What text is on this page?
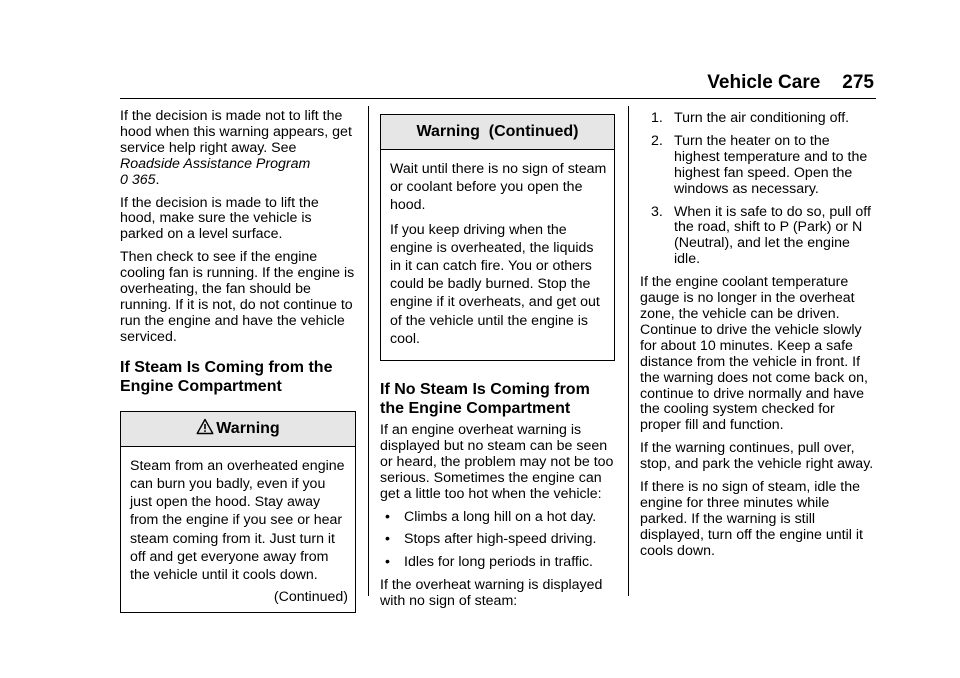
Vehicle Care 275

If the decision is made not to lift the hood when this warning appears, get service help right away. See Roadside Assistance Program
0 365.

If the decision is made to lift the hood, make sure the vehicle is parked on a level surface.

Then check to see if the engine cooling fan is running. If the engine is overheating, the fan should be running. If it is not, do not continue to run the engine and have the vehicle serviced.

If Steam Is Coming from the Engine Compartment
Warning

Steam from an overheated engine can burn you badly, even if you just open the hood. Stay away from the engine if you see or hear steam coming from it. Just turn it off and get everyone away from the vehicle until it cools down.

(Continued)
Warning  (Continued)

Wait until there is no sign of steam or coolant before you open the hood.

If you keep driving when the engine is overheated, the liquids in it can catch fire. You or others could be badly burned. Stop the engine if it overheats, and get out of the vehicle until the engine is cool.

If No Steam Is Coming from the Engine Compartment

If an engine overheat warning is displayed but no steam can be seen or heard, the problem may not be too serious. Sometimes the engine can get a little too hot when the vehicle:

• Climbs a long hill on a hot day.
• Stops after high-speed driving.
• Idles for long periods in traffic.

If the overheat warning is displayed with no sign of steam:

1. Turn the air conditioning off.
2. Turn the heater on to the highest temperature and to the highest fan speed. Open the windows as necessary.
3. When it is safe to do so, pull off the road, shift to P (Park) or N (Neutral), and let the engine idle.

If the engine coolant temperature gauge is no longer in the overheat zone, the vehicle can be driven. Continue to drive the vehicle slowly for about 10 minutes. Keep a safe distance from the vehicle in front. If the warning does not come back on, continue to drive normally and have the cooling system checked for proper fill and function.

If the warning continues, pull over, stop, and park the vehicle right away.

If there is no sign of steam, idle the engine for three minutes while parked. If the warning is still displayed, turn off the engine until it cools down.
